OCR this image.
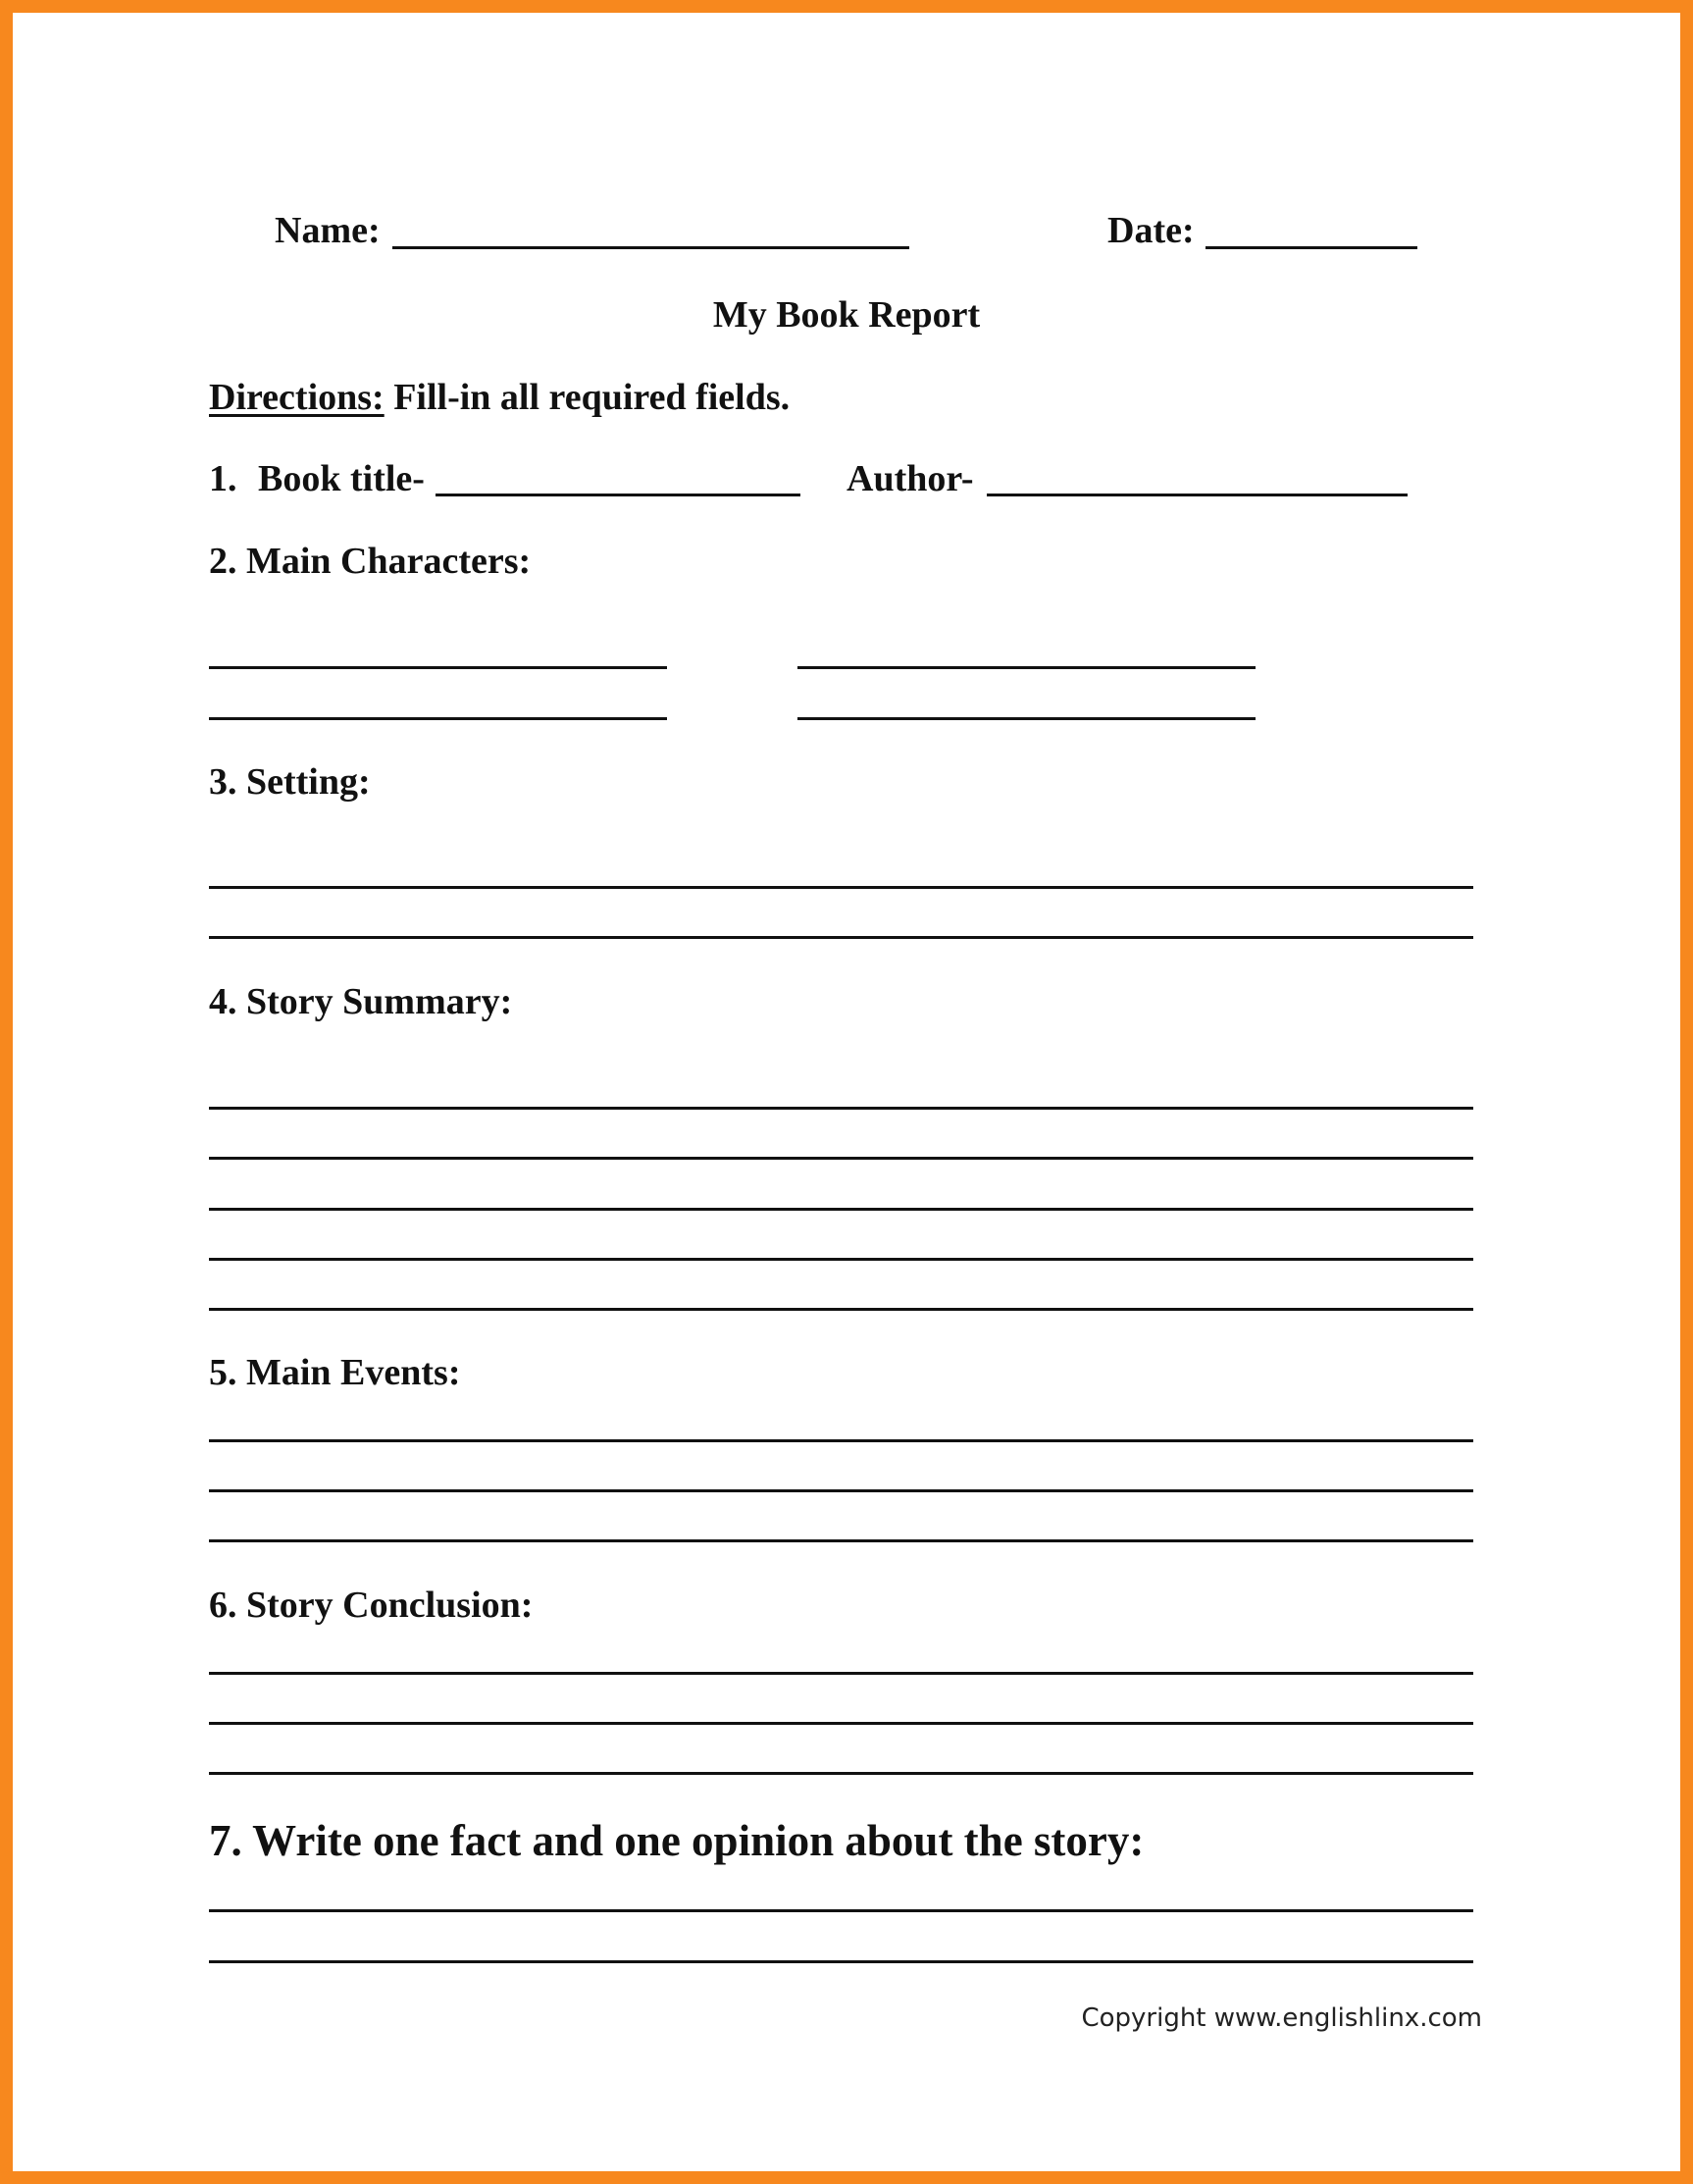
Name:	Date:
My Book Report
Directions: Fill-in all required fields.
1. Book title-	Author-
2. Main Characters:
3. Setting:
4. Story Summary:
5. Main Events:
6. Story Conclusion:
7. Write one fact and one opinion about the story:
Copyright www.englishlinx.com
